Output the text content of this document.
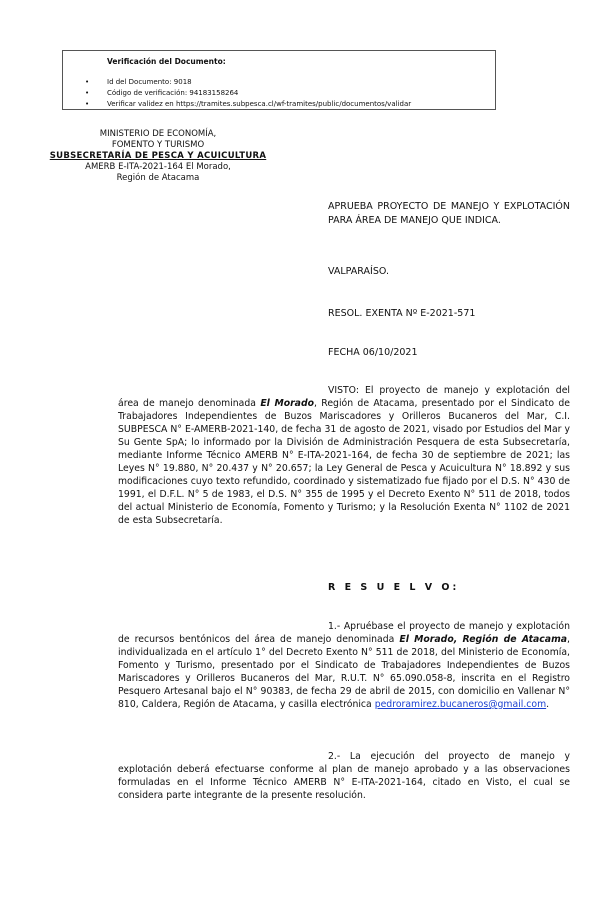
Verificación del Documento:
• Id del Documento: 9018
• Código de verificación: 94183158264
• Verificar validez en https://tramites.subpesca.cl/wf-tramites/public/documentos/validar
MINISTERIO DE ECONOMÍA,
FOMENTO Y TURISMO
SUBSECRETARÍA DE PESCA Y ACUICULTURA
AMERB E-ITA-2021-164 El Morado,
Región de Atacama
APRUEBA PROYECTO DE MANEJO Y EXPLOTACIÓN PARA ÁREA DE MANEJO QUE INDICA.
VALPARAÍSO.
RESOL. EXENTA Nº E-2021-571
FECHA 06/10/2021
VISTO: El proyecto de manejo y explotación del área de manejo denominada El Morado, Región de Atacama, presentado por el Sindicato de Trabajadores Independientes de Buzos Mariscadores y Orilleros Bucaneros del Mar, C.I. SUBPESCA N° E-AMERB-2021-140, de fecha 31 de agosto de 2021, visado por Estudios del Mar y Su Gente SpA; lo informado por la División de Administración Pesquera de esta Subsecretaría, mediante Informe Técnico AMERB N° E-ITA-2021-164, de fecha 30 de septiembre de 2021; las Leyes N° 19.880, N° 20.437 y N° 20.657; la Ley General de Pesca y Acuicultura N° 18.892 y sus modificaciones cuyo texto refundido, coordinado y sistematizado fue fijado por el D.S. N° 430 de 1991, el D.F.L. N° 5 de 1983, el D.S. N° 355 de 1995 y el Decreto Exento N° 511 de 2018, todos del actual Ministerio de Economía, Fomento y Turismo; y la Resolución Exenta N° 1102 de 2021 de esta Subsecretaría.
R E S U E L V O:
1.- Apruébase el proyecto de manejo y explotación de recursos bentónicos del área de manejo denominada El Morado, Región de Atacama, individualizada en el artículo 1° del Decreto Exento N° 511 de 2018, del Ministerio de Economía, Fomento y Turismo, presentado por el Sindicato de Trabajadores Independientes de Buzos Mariscadores y Orilleros Bucaneros del Mar, R.U.T. N° 65.090.058-8, inscrita en el Registro Pesquero Artesanal bajo el N° 90383, de fecha 29 de abril de 2015, con domicilio en Vallenar N° 810, Caldera, Región de Atacama, y casilla electrónica pedroramirez.bucaneros@gmail.com.
2.- La ejecución del proyecto de manejo y explotación deberá efectuarse conforme al plan de manejo aprobado y a las observaciones formuladas en el Informe Técnico AMERB N° E-ITA-2021-164, citado en Visto, el cual se considera parte integrante de la presente resolución.
